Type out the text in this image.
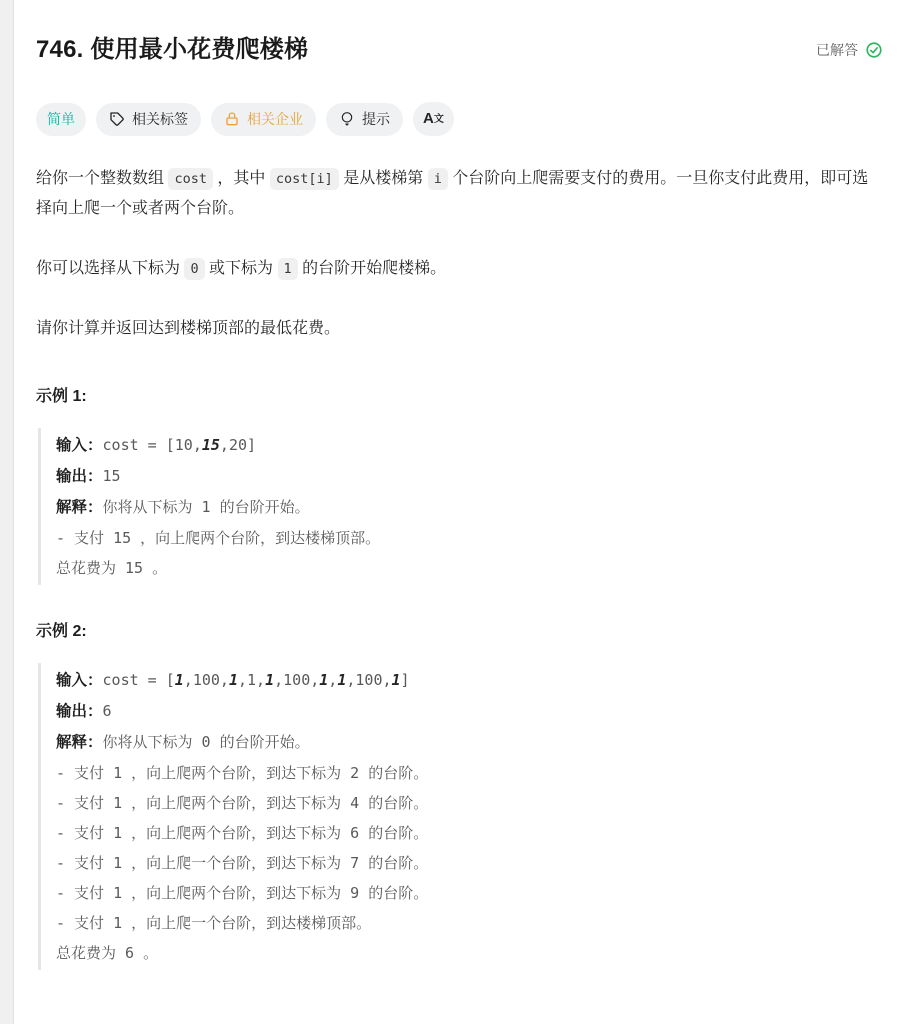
746. 使用最小花费爬楼梯	已解答
简单	相关标签	相关企业	提示 A文

给你一个整数数组 cost ，其中 cost[i] 是从楼梯第 i 个台阶向上爬需要支付的费用。一旦你支付此费用，即可选择向上爬一个或者两个台阶。

你可以选择从下标为 0 或下标为 1 的台阶开始爬楼梯。

请你计算并返回达到楼梯顶部的最低花费。

示例 1:

输入：cost = [10,15,20]
输出：15
解释：你将从下标为 1 的台阶开始。
- 支付 15 ，向上爬两个台阶，到达楼梯顶部。
总花费为 15 。

示例 2:

输入：cost = [1,100,1,1,1,100,1,1,100,1]
输出：6
解释：你将从下标为 0 的台阶开始。
- 支付 1 ，向上爬两个台阶，到达下标为 2 的台阶。
- 支付 1 ，向上爬两个台阶，到达下标为 4 的台阶。
- 支付 1 ，向上爬两个台阶，到达下标为 6 的台阶。
- 支付 1 ，向上爬一个台阶，到达下标为 7 的台阶。
- 支付 1 ，向上爬两个台阶，到达下标为 9 的台阶。
- 支付 1 ，向上爬一个台阶，到达楼梯顶部。
总花费为 6 。
